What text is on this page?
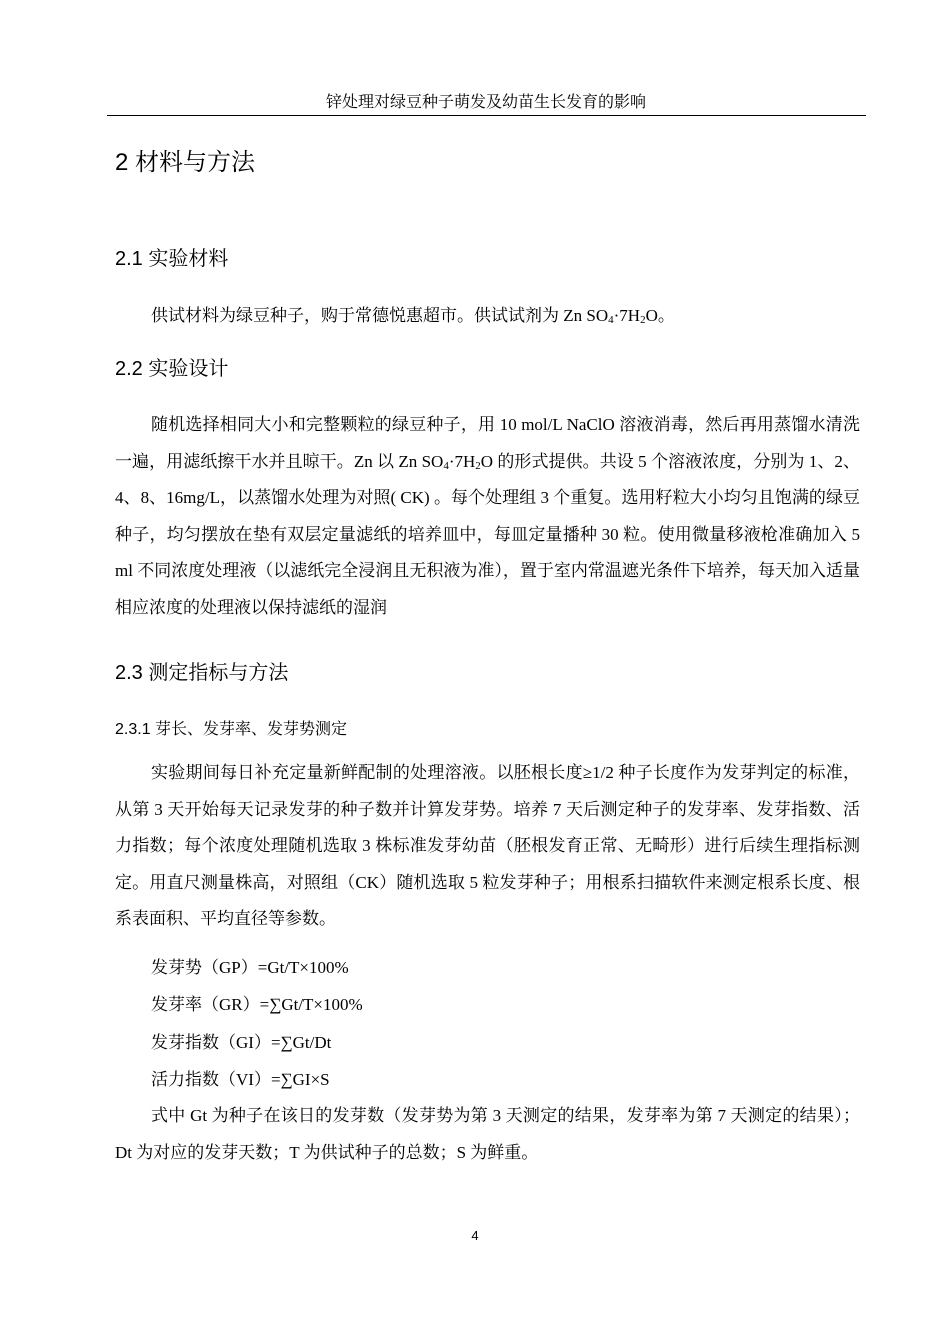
锌处理对绿豆种子萌发及幼苗生长发育的影响
2 材料与方法
2.1 实验材料
供试材料为绿豆种子，购于常德悦惠超市。供试试剂为 Zn $SO_4\cdot 7H_2O$。
2.2 实验设计
随机选择相同大小和完整颗粒的绿豆种子，用 10 mol/L NaClO 溶液消毒，然后再用蒸馏水清洗一遍，用滤纸擦干水并且晾干。Zn 以 Zn $SO_4\cdot 7H_2O$ 的形式提供。共设 5 个溶液浓度，分别为 1、2、4、8、16mg/L，以蒸馏水处理为对照( CK) 。每个处理组 3 个重复。选用籽粒大小均匀且饱满的绿豆种子，均匀摆放在垫有双层定量滤纸的培养皿中，每皿定量播种 30 粒。使用微量移液枪准确加入 5 ml 不同浓度处理液（以滤纸完全浸润且无积液为准），置于室内常温遮光条件下培养，每天加入适量相应浓度的处理液以保持滤纸的湿润
2.3 测定指标与方法
2.3.1 芽长、发芽率、发芽势测定
实验期间每日补充定量新鲜配制的处理溶液。以胚根长度≥1/2 种子长度作为发芽判定的标准，从第 3 天开始每天记录发芽的种子数并计算发芽势。培养 7 天后测定种子的发芽率、发芽指数、活力指数；每个浓度处理随机选取 3 株标准发芽幼苗（胚根发育正常、无畸形）进行后续生理指标测定。用直尺测量株高，对照组（CK）随机选取 5 粒发芽种子；用根系扫描软件来测定根系长度、根系表面积、平均直径等参数。
发芽势（GP）=Gt/T×100%
发芽率（GR）=∑Gt/T×100%
发芽指数（GI）=∑Gt/Dt
活力指数（VI）=∑GI×S
式中 Gt 为种子在该日的发芽数（发芽势为第 3 天测定的结果，发芽率为第 7 天测定的结果）；Dt 为对应的发芽天数；T 为供试种子的总数；S 为鲜重。
4
